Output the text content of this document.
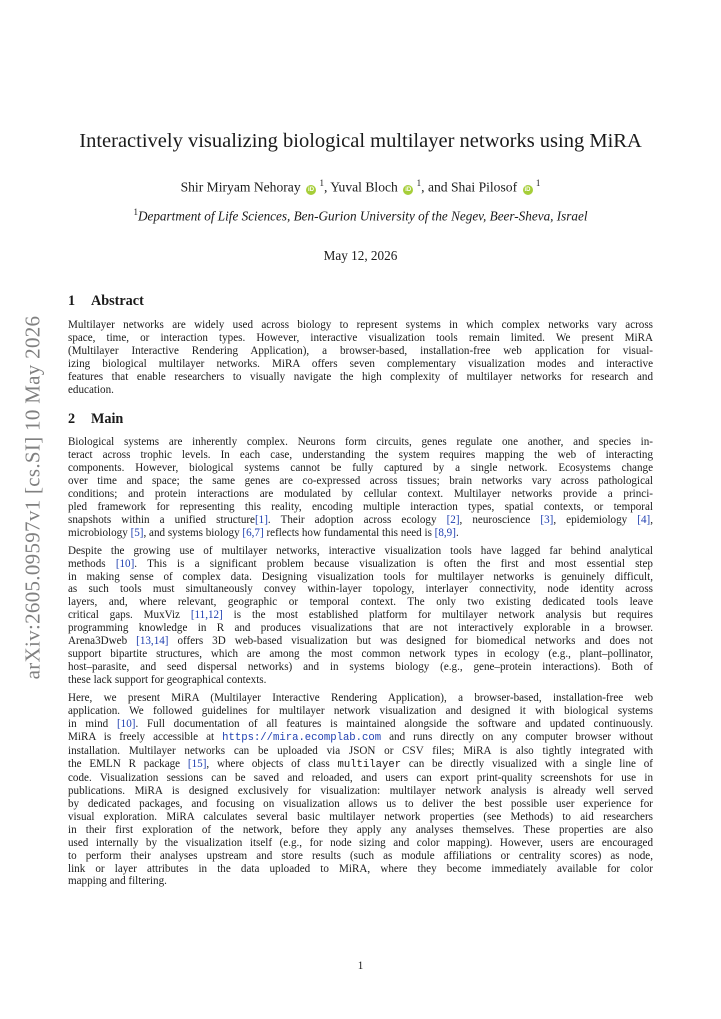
arXiv:2605.09597v1 [cs.SI] 10 May 2026
Interactively visualizing biological multilayer networks using MiRA
Shir Miryam Nehoray iD $^1$, Yuval Bloch iD $^1$, and Shai Pilosof iD $^1$
$^1$Department of Life Sciences, Ben-Gurion University of the Negev, Beer-Sheva, Israel
May 12, 2026
1 Abstract

Multilayer networks are widely used across biology to represent systems in which complex networks vary across
space, time, or interaction types. However, interactive visualization tools remain limited. We present MiRA
(Multilayer Interactive Rendering Application), a browser-based, installation-free web application for visual-
izing biological multilayer networks. MiRA offers seven complementary visualization modes and interactive
features that enable researchers to visually navigate the high complexity of multilayer networks for research and
education.

2 Main

Biological systems are inherently complex. Neurons form circuits, genes regulate one another, and species in-
teract across trophic levels. In each case, understanding the system requires mapping the web of interacting
components. However, biological systems cannot be fully captured by a single network. Ecosystems change
over time and space; the same genes are co-expressed across tissues; brain networks vary across pathological
conditions; and protein interactions are modulated by cellular context. Multilayer networks provide a princi-
pled framework for representing this reality, encoding multiple interaction types, spatial contexts, or temporal
snapshots within a unified structure[1]. Their adoption across ecology [2], neuroscience [3], epidemiology [4],
microbiology [5], and systems biology [6,7] reflects how fundamental this need is [8,9].

Despite the growing use of multilayer networks, interactive visualization tools have lagged far behind analytical
methods [10]. This is a significant problem because visualization is often the first and most essential step
in making sense of complex data. Designing visualization tools for multilayer networks is genuinely difficult,
as such tools must simultaneously convey within-layer topology, interlayer connectivity, node identity across
layers, and, where relevant, geographic or temporal context. The only two existing dedicated tools leave
critical gaps. MuxViz [11,12] is the most established platform for multilayer network analysis but requires
programming knowledge in R and produces visualizations that are not interactively explorable in a browser.
Arena3Dweb [13,14] offers 3D web-based visualization but was designed for biomedical networks and does not
support bipartite structures, which are among the most common network types in ecology (e.g., plant–pollinator,
host–parasite, and seed dispersal networks) and in systems biology (e.g., gene–protein interactions). Both of
these lack support for geographical contexts.

Here, we present MiRA (Multilayer Interactive Rendering Application), a browser-based, installation-free web
application. We followed guidelines for multilayer network visualization and designed it with biological systems
in mind [10]. Full documentation of all features is maintained alongside the software and updated continuously.
MiRA is freely accessible at https://mira.ecomplab.com and runs directly on any computer browser without
installation. Multilayer networks can be uploaded via JSON or CSV files; MiRA is also tightly integrated with
the EMLN R package [15], where objects of class multilayer can be directly visualized with a single line of
code. Visualization sessions can be saved and reloaded, and users can export print-quality screenshots for use in
publications. MiRA is designed exclusively for visualization: multilayer network analysis is already well served
by dedicated packages, and focusing on visualization allows us to deliver the best possible user experience for
visual exploration. MiRA calculates several basic multilayer network properties (see Methods) to aid researchers
in their first exploration of the network, before they apply any analyses themselves. These properties are also
used internally by the visualization itself (e.g., for node sizing and color mapping). However, users are encouraged
to perform their analyses upstream and store results (such as module affiliations or centrality scores) as node,
link or layer attributes in the data uploaded to MiRA, where they become immediately available for color
mapping and filtering.

1
